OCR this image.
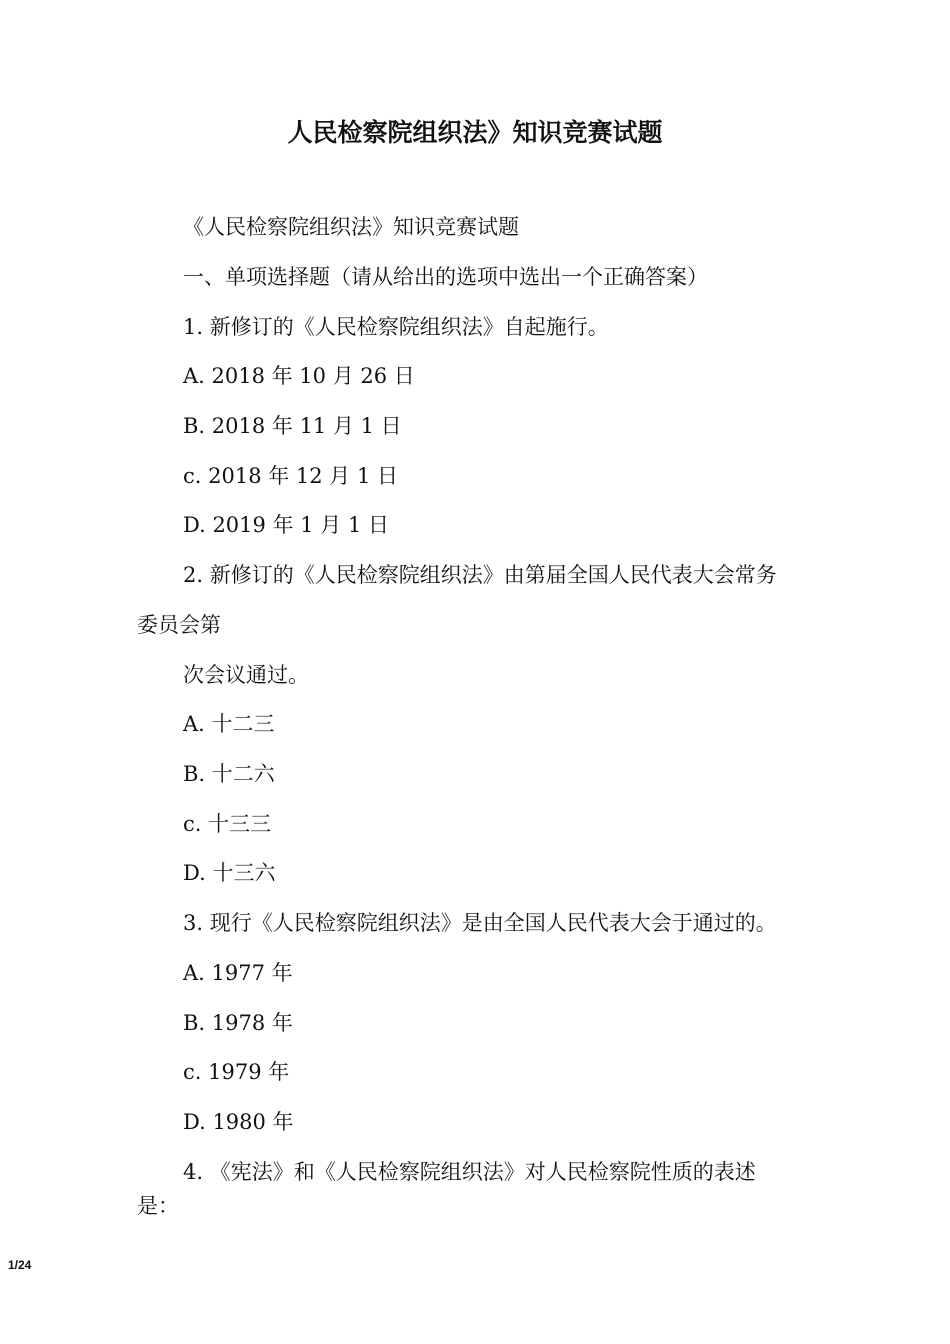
人民检察院组织法》知识竞赛试题
《人民检察院组织法》知识竞赛试题
一、单项选择题（请从给出的选项中选出一个正确答案）
1. 新修订的《人民检察院组织法》自起施行。
A. 2018 年 10 月 26 日
B. 2018 年 11 月 1 日
c. 2018 年 12 月 1 日
D. 2019 年 1 月 1 日
2. 新修订的《人民检察院组织法》由第届全国人民代表大会常务
委员会第
次会议通过。
A. 十二三
B. 十二六
c. 十三三
D. 十三六
3. 现行《人民检察院组织法》是由全国人民代表大会于通过的。
A. 1977 年
B. 1978 年
c. 1979 年
D. 1980 年
4. 《宪法》和《人民检察院组织法》对人民检察院性质的表述
是：
1/24
